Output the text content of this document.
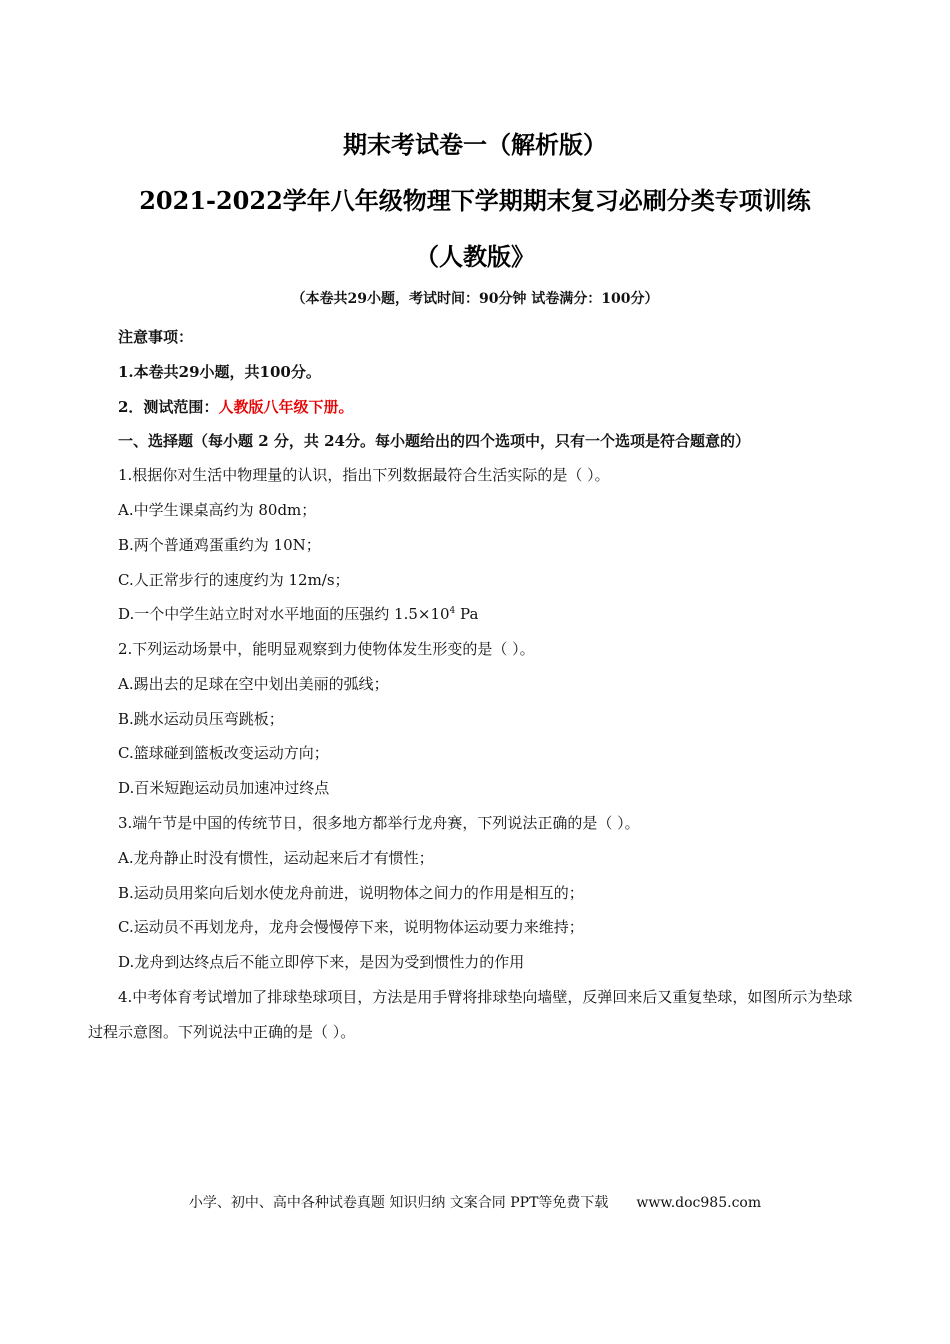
期末考试卷一（解析版）
2021-2022学年八年级物理下学期期末复习必刷分类专项训练
（人教版》
（本卷共29小题，考试时间：90分钟 试卷满分：100分）
注意事项：
1.本卷共29小题，共100分。
2．测试范围：人教版八年级下册。
一、选择题（每小题 2 分，共 24分。每小题给出的四个选项中，只有一个选项是符合题意的）
1.根据你对生活中物理量的认识，指出下列数据最符合生活实际的是（ ）。
A.中学生课桌高约为 80dm；
B.两个普通鸡蛋重约为 10N；
C.人正常步行的速度约为 12m/s；
D.一个中学生站立时对水平地面的压强约 $1.5\times 10^4$ Pa
2.下列运动场景中，能明显观察到力使物体发生形变的是（ ）。
A.踢出去的足球在空中划出美丽的弧线；
B.跳水运动员压弯跳板；
C.篮球碰到篮板改变运动方向；
D.百米短跑运动员加速冲过终点
3.端午节是中国的传统节日，很多地方都举行龙舟赛，下列说法正确的是（ ）。
A.龙舟静止时没有惯性，运动起来后才有惯性；
B.运动员用桨向后划水使龙舟前进，说明物体之间力的作用是相互的；
C.运动员不再划龙舟，龙舟会慢慢停下来，说明物体运动要力来维持；
D.龙舟到达终点后不能立即停下来，是因为受到惯性力的作用
4.中考体育考试增加了排球垫球项目，方法是用手臂将排球垫向墙壁，反弹回来后又重复垫球，如图所示为垫球过程示意图。下列说法中正确的是（ ）。
小学、初中、高中各种试卷真题 知识归纳 文案合同 PPT等免费下载 www.doc985.com
